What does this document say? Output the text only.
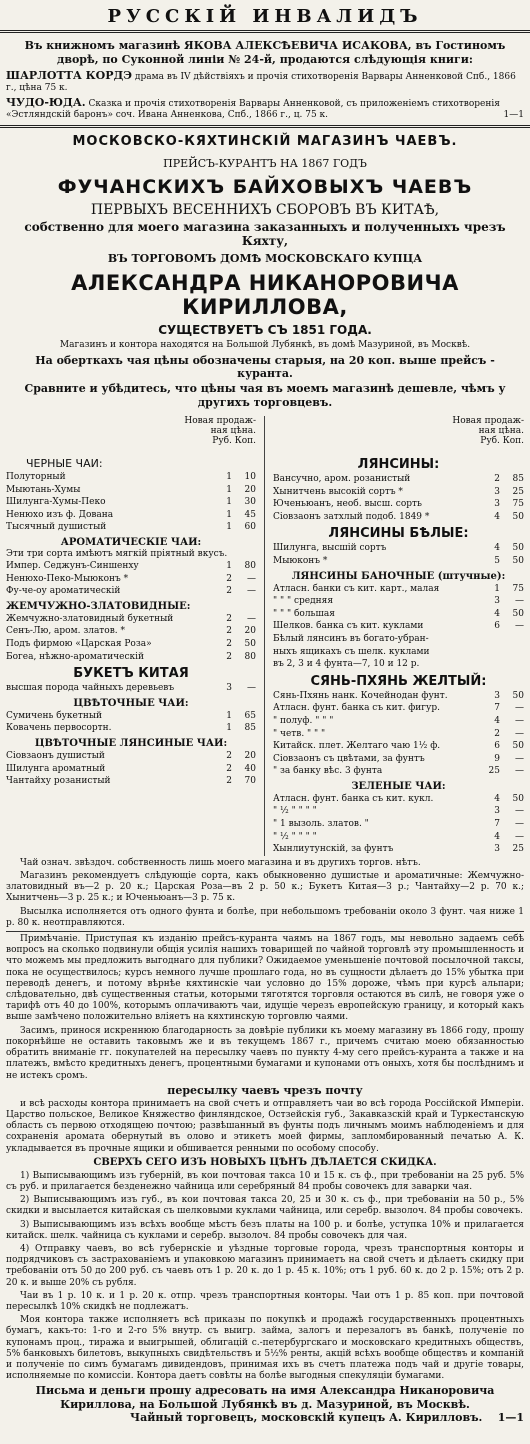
РУССКІЙ ИНВАЛИДЪ
Въ книжномъ магазинѣ ЯКОВА АЛЕКСѢЕВИЧА ИСАКОВА, въ Гостиномъ дворѣ, по Суконной линіи № 24-й, продаются слѣдующія книги:
ШАРЛОТТА КОРДЭ драма въ IV дѣйствіяхъ и прочія стихотворенія Варвары Анненковой Спб., 1866 г., цѣна 75 к.
ЧУДО-ЮДА. Сказка и прочія стихотворенія Варвары Анненковой, съ приложеніемъ стихотворенія «Эстляндскій баронъ» соч. Ивана Анненкова, Спб., 1866 г., ц. 75 к.	1—1
МОСКОВСКО-КЯХТИНСКІЙ МАГАЗИНЪ ЧАЕВЪ.
ПРЕЙСЪ-КУРАНТЪ НА 1867 ГОДЪ
ФУЧАНСКИХЪ БАЙХОВЫХЪ ЧАЕВЪ
ПЕРВЫХЪ ВЕСЕННИХЪ СБОРОВЪ ВЪ КИТАѢ,
собственно для моего магазина заказанныхъ и полученныхъ чрезъ Кяхту,
ВЪ ТОРГОВОМЪ ДОМѢ МОСКОВСКАГО КУПЦА
АЛЕКСАНДРА НИКАНОРОВИЧА КИРИЛЛОВА,
СУЩЕСТВУЕТЪ СЪ 1851 ГОДА.
Магазинъ и контора находятся на Большой Лубянкѣ, въ домѣ Мазуриной, въ Москвѣ.
На оберткахъ чая цѣны обозначены старыя, на 20 коп. выше прейсъ - куранта.
Сравните и убѣдитесь, что цѣны чая въ моемъ магазинѣ дешевле, чѣмъ у другихъ торговцевъ.
Новая продаж-
ная цѣна.
Руб. Коп.
ЧЕРНЫЕ ЧАИ:
Полуторный	1	10
Мыютань-Хумы	1	20
Шилунга-Хумы-Пеко	1	30
Ненюхо изъ ф. Дована	1	45
Тысячный душистый	1	60
АРОМАТИЧЕСКІЕ ЧАИ:
Эти три сорта имѣютъ мягкій пріятный вкусъ.
Импер. Седжунъ-Синшенху	1	80
Ненюхо-Пеко-Мыюконъ *	2	—
Фу-че-оу ароматическій	2	—
ЖЕМЧУЖНО-ЗЛАТОВИДНЫЕ:
Жемчужно-златовидный букетный	2	—
Сенъ-Лю, аром. златов. *	2	20
Подъ фирмою «Царская Роза»	2	50
Богеа, нѣжно-ароматическій	2	80
БУКЕТЪ КИТАЯ
высшая порода чайныхъ деревьевъ	3	—
ЦВѢТОЧНЫЕ ЧАИ:
Сумичень букетный	1	65
Ковачень первосортн.	1	85
ЦВѢТОЧНЫЕ ЛЯНСИНЫЕ ЧАИ:
Сіовзаонъ душистый	2	20
Шилунга ароматный	2	40
Чантайху розанистый	2	70
Новая продаж-
ная цѣна.
Руб. Коп.
ЛЯНСИНЫ:
Вансучно, аром. розанистый	2	85
Хынитчень высокій сортъ *	3	25
Юченьюанъ, необ. высш. сорть	3	75
Сіовзаонъ затхлый подоб. 1849 *	4	50
ЛЯНСИНЫ БѢЛЫЕ:
Шилунга, высшій сортъ	4	50
Мыюконъ *	5	50
ЛЯНСИНЫ БАНОЧНЫЕ (штучные):
Атласн. банки съ кит. карт., малая	1	75
" " " средняя	3	—
" " " большая	4	50
Шелков. банка съ кит. куклами	6	—
Бѣлый лянсинъ въ богато-убран-
ныхъ ящикахъ съ шелк. куклами
въ 2, 3 и 4 фунта—7, 10 и 12 р.
СЯНЬ-ПХЯНЬ ЖЕЛТЫЙ:
Сянь-Пхянь нанк. Кочейнодан фунт.	3	50
Атласн. фунт. банка съ кит. фигур.	7	—
" полуф. " " "	4	—
" четв. " " "	2	—
Китайск. плет. Желтаго чаю 1½ ф.	6	50
Сіовзаонъ съ цвѣтами, за фунтъ	9	—
" за банку вѣс. 3 фунта	25	—
ЗЕЛЕНЫЕ ЧАИ:
Атласн. фунт. банка съ кит. кукл.	4	50
" ½ " " " "	3	—
" 1 вызоль. златов. "	7	—
" ½ " " " "	4	—
Хынлиутунскій, за фунтъ	3	25
Чай означ. звѣздоч. собственность лишь моего магазина и въ другихъ торгов. нѣтъ.
Магазинъ рекомендуетъ слѣдующіе сорта, какъ обыкновенно душистые и ароматичные: Жемчужно-златовидный въ—2 р. 20 к.; Царская Роза—въ 2 р. 50 к.; Букетъ Китая—3 р.; Чантайху—2 р. 70 к.; Хынитчень—3 р. 25 к.; и Юченьюанъ—3 р. 75 к.
Высылка исполняется отъ одного фунта и болѣе, при небольшомъ требованіи около 3 фунт. чая ниже 1 р. 80 к. неотправляются.
Примѣчаніе. Приступая къ изданію прейсъ-куранта чаямъ на 1867 годъ, мы невольно задаемъ себѣ вопросъ на сколько подвинули общія усилія нашихъ товарищей по чайной торговлѣ эту промышленность и что можемъ мы предложить выгоднаго для публики? Ожидаемое уменьшеніе почтовой посылочной таксы, пока не осуществилось; курсъ немного лучше прошлаго года, но въ сущности дѣлаетъ до 15% убытка при переводѣ денегъ, и потому вѣрнѣе кяхтинскіе чаи условно до 15% дороже, чѣмъ при курсѣ альпари; слѣдовательно, двѣ существенныя статьи, которыми тяготятся торговля остаются въ силѣ, не говоря уже о тарифѣ отъ 40 до 100%, которымъ оплачиваютъ чаи, идущіе черезъ европейскую границу, и который какъ выше замѣчено положительно вліяетъ на кяхтинскую торговлю чаями.
Засимъ, принося искреннюю благодарность за довѣріе публики къ моему магазину въ 1866 году, прошу покорнѣйше не оставить таковымъ же и въ текущемъ 1867 г., причемъ считаю моею обязанностью обратить вниманіе гг. покупателей на пересылку чаевъ по пункту 4-му сего прейсъ-куранта а также и на платежъ, вмѣсто кредитныхъ денегъ, процентными бумагами и купонами отъ оныхъ, хотя бы послѣднимъ и не истекъ сромъ.
пересылку чаевъ чрезъ почту
и всѣ расходы контора принимаетъ на свой счетъ и отправляетъ чаи во всѣ города Россійской Имперіи. Царство польское, Великое Княжество финляндское, Остзейскія губ., Закавказскій край и Туркестанскую область съ первою отходящею почтою; развѣшанный въ фунты подъ личнымъ моимъ наблюденіемъ и для сохраненія аромата обернутый въ олово и этикетъ моей фирмы, запломбированный печатью А. К. укладывается въ прочные ящики и обшивается ренными по особому способу.
СВЕРХЪ СЕГО ИЗЪ НОВЫХЪ ЦѢНЪ ДѢЛАЕТСЯ СКИДКА.
1) Выписывающимъ изъ губерній, въ кои почтовая такса 10 и 15 к. съ ф., при требованіи на 25 руб. 5% съ руб. и прилагается безденежно чайница или серебряный 84 пробы совочекъ для заварки чая.
2) Выписывающимъ изъ губ., въ кои почтовая такса 20, 25 и 30 к. съ ф., при требованіи на 50 р., 5% скидки и высылается китайская съ шелковыми куклами чайница, или серебр. вызолоч. 84 пробы совочекъ.
3) Выписывающимъ изъ всѣхъ вообще мѣстъ безъ платы на 100 р. и болѣе, уступка 10% и прилагается китайск. шелк. чайница съ куклами и серебр. вызолоч. 84 пробы совочекъ для чая.
4) Отправку чаевъ, во всѣ губернскіе и уѣздные торговые города, чрезъ транспортныя конторы и подрядчиковъ съ застрахованіемъ и упаковкою магазинъ принимаетъ на свой счетъ и дѣлаетъ скидку при требованіи отъ 50 до 200 руб. съ чаевъ отъ 1 р. 20 к. до 1 р. 45 к. 10%; отъ 1 руб. 60 к. до 2 р. 15%; отъ 2 р. 20 к. и выше 20% съ рубля.
Чаи въ 1 р. 10 к. и 1 р. 20 к. отпр. чрезъ транспортныя конторы. Чаи отъ 1 р. 85 коп. при почтовой пересылкѣ 10% скидкѣ не подлежатъ.
Моя контора также исполняетъ всѣ приказы по покупкѣ и продажѣ государственныхъ процентныхъ бумагъ, какъ-то: 1-го и 2-го 5% внутр. съ выигр. займа, залогъ и перезалогъ въ банкѣ, полученіе по купонамъ проц., тиража и выигрышей, облигацій с.-петербургскаго и московскаго кредитныхъ обществъ, 5% банковыхъ билетовъ, выкупныхъ свидѣтельствъ и 5½% ренты, акцій всѣхъ вообще обществъ и компаній и полученіе по симъ бумагамъ дивидендовъ, принимая ихъ въ счетъ платежа подъ чай и другіе товары, исполняемые по комиссіи. Контора даетъ совѣты на болѣе выгодныя спекуляціи бумагами.
Письма и деньги прошу адресовать на имя Александра Никаноровича Кириллова, на Большой Лубянкѣ въ д. Мазуриной, въ Москвѣ.
Чайный торговецъ, московскій купецъ А. Кирилловъ. 1—1
